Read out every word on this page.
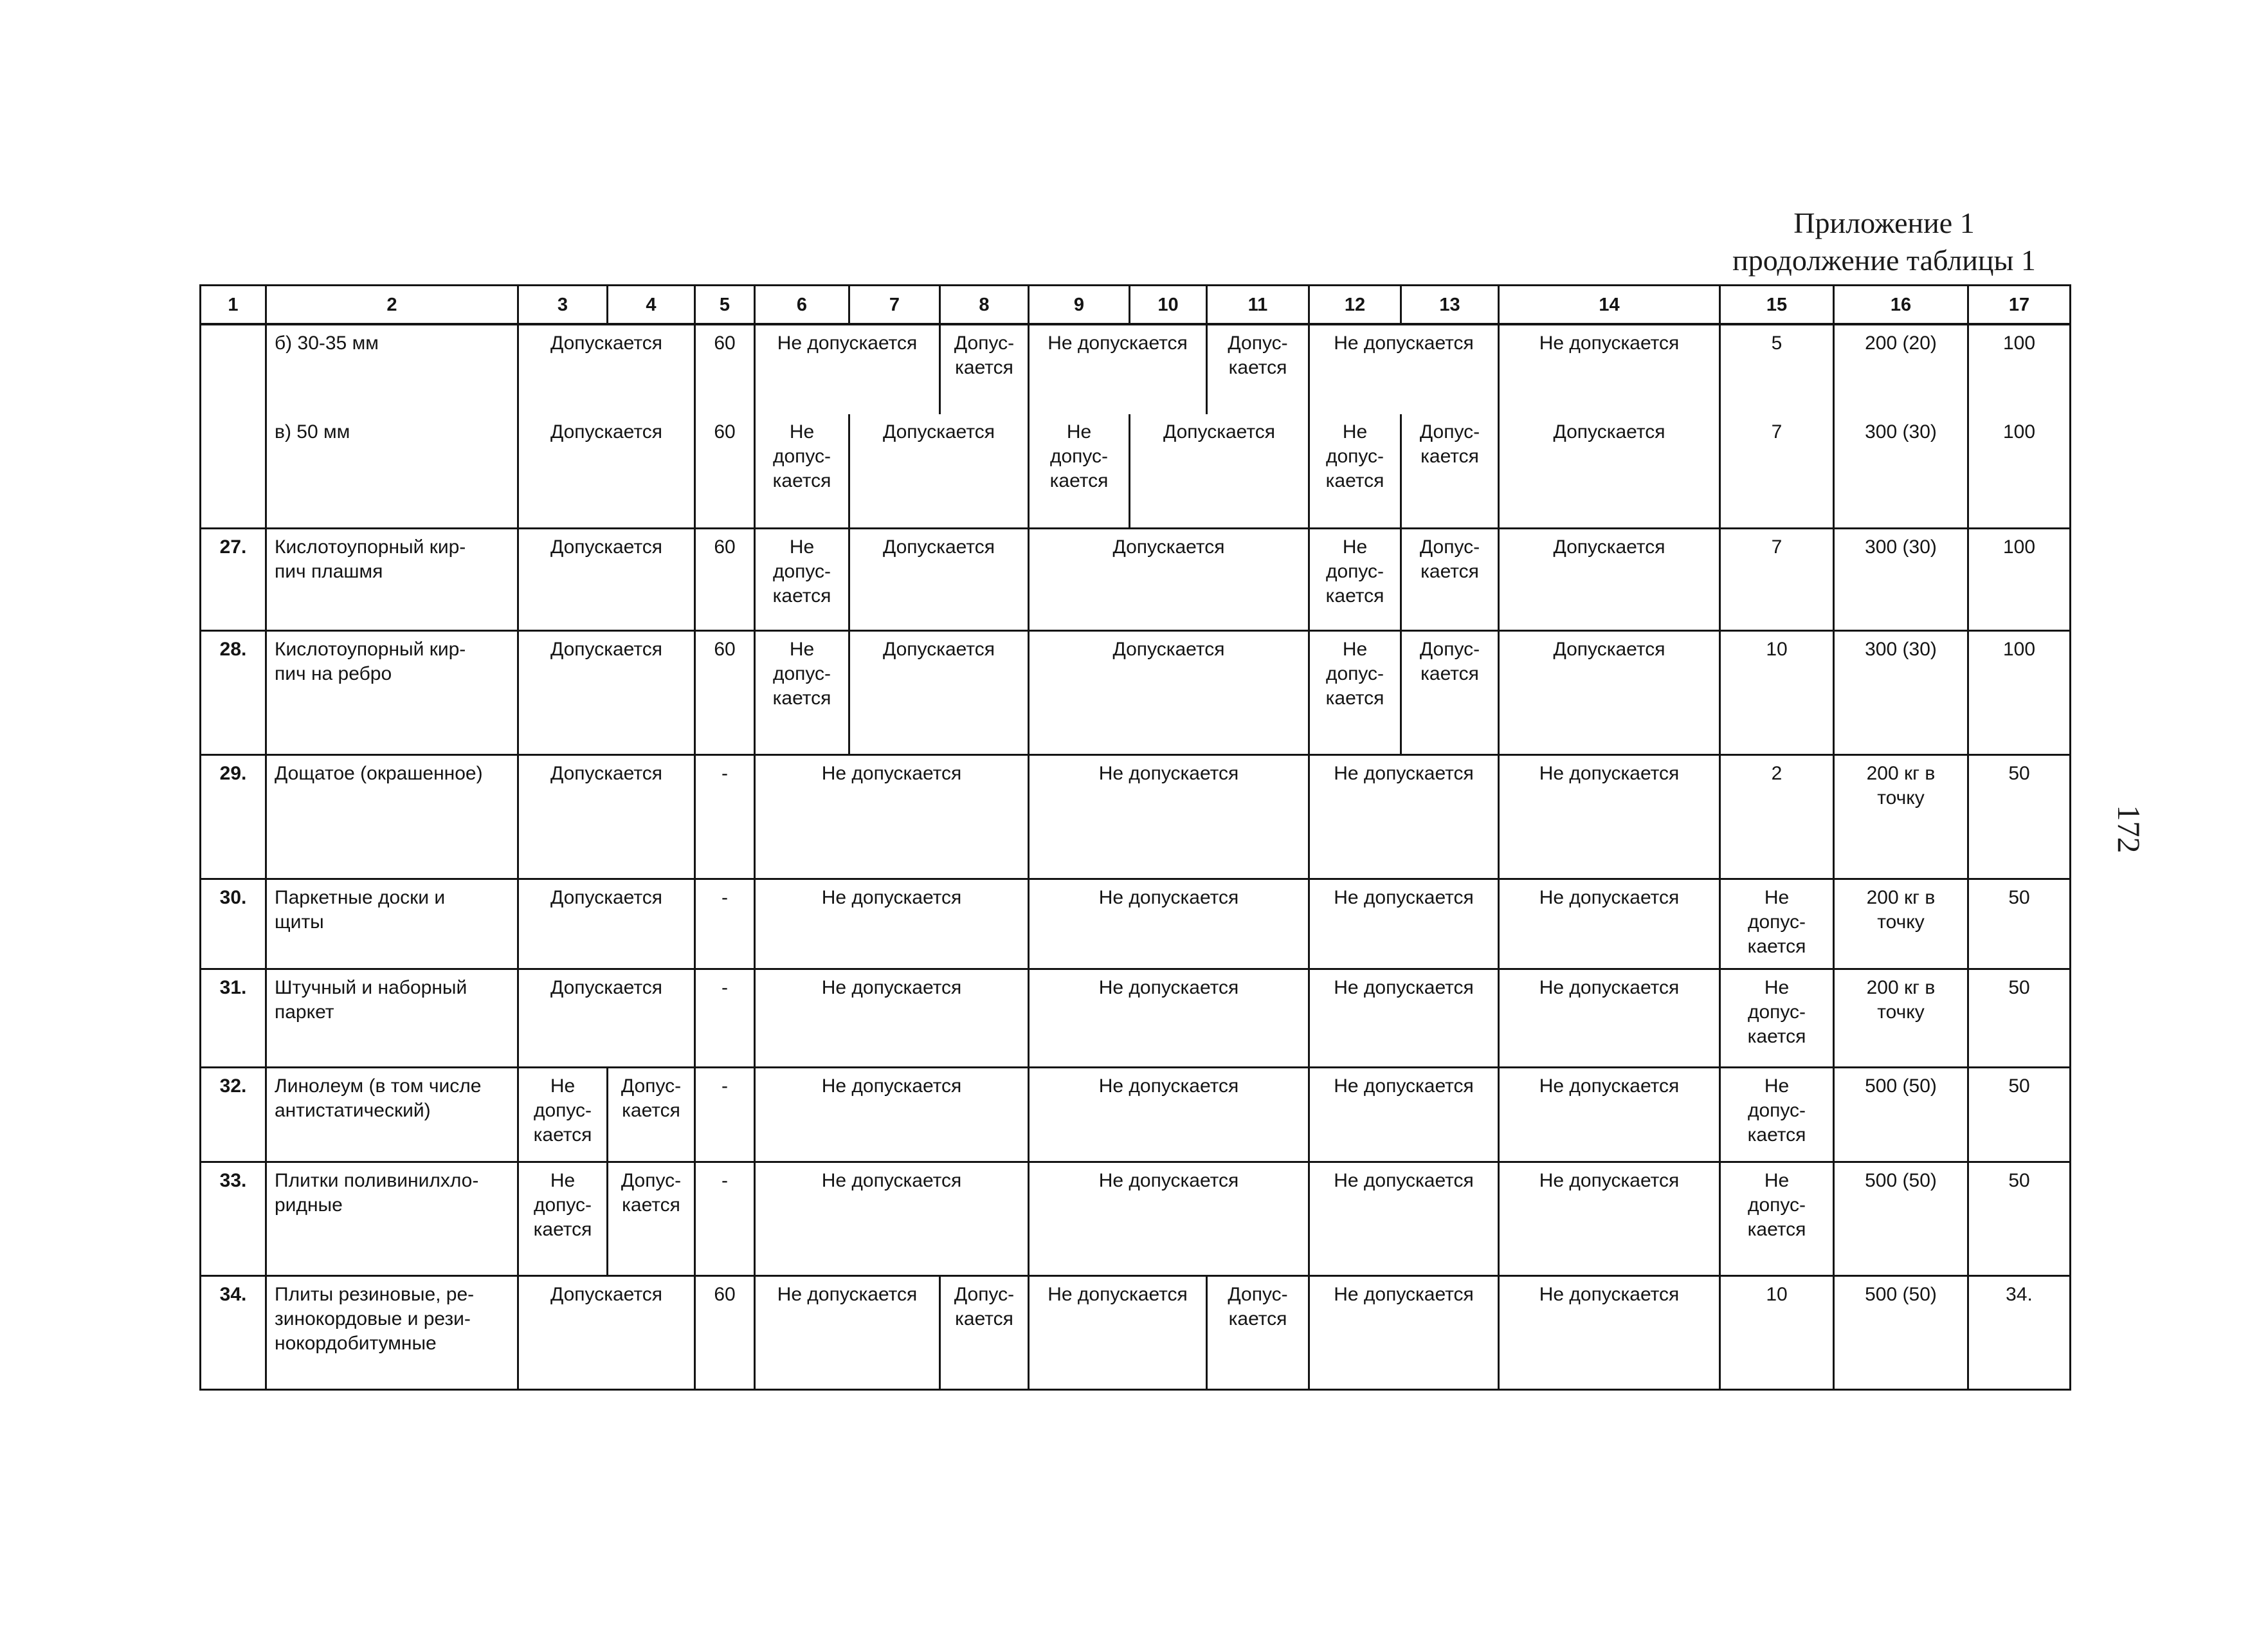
Приложение 1
продолжение таблицы 1
172
1	2	3	4	5	6	7	8	9	10	11	12	13	14	15	16	17
	б) 30-35 мм	Допускается		60	Не допускается		Допус-
кается	Не допускается		Допус-
кается	Не допускается		Не допускается	5	200 (20)	100
	в) 50 мм	Допускается		60	Не
допус-
кается	Допускается		Не
допус-
кается	Допускается		Не
допус-
кается	Допус-
кается	Допускается	7	300 (30)	100
27.	Кислотоупорный кир-
пич плашмя	Допускается		60	Не
допус-
кается	Допускается		Допускается			Не
допус-
кается	Допус-
кается	Допускается	7	300 (30)	100
28.	Кислотоупорный кир-
пич на ребро	Допускается		60	Не
допус-
кается	Допускается		Допускается			Не
допус-
кается	Допус-
кается	Допускается	10	300 (30)	100
29.	Дощатое (окрашенное)	Допускается		-	Не допускается			Не допускается			Не допускается		Не допускается	2	200 кг в
точку	50
30.	Паркетные доски и
щиты	Допускается		-	Не допускается			Не допускается			Не допускается		Не допускается	Не
допус-
кается	200 кг в
точку	50
31.	Штучный и наборный
паркет	Допускается		-	Не допускается			Не допускается			Не допускается		Не допускается	Не
допус-
кается	200 кг в
точку	50
32.	Линолеум (в том числе
антистатический)	Не
допус-
кается	Допус-
кается	-	Не допускается			Не допускается			Не допускается		Не допускается	Не
допус-
кается	500 (50)	50
33.	Плитки поливинилхло-
ридные	Не
допус-
кается	Допус-
кается	-	Не допускается			Не допускается			Не допускается		Не допускается	Не
допус-
кается	500 (50)	50
34.	Плиты резиновые, ре-
зинокордовые и рези-
нокордобитумные	Допускается		60	Не допускается		Допус-
кается	Не допускается		Допус-
кается	Не допускается		Не допускается	10	500 (50)	34.
